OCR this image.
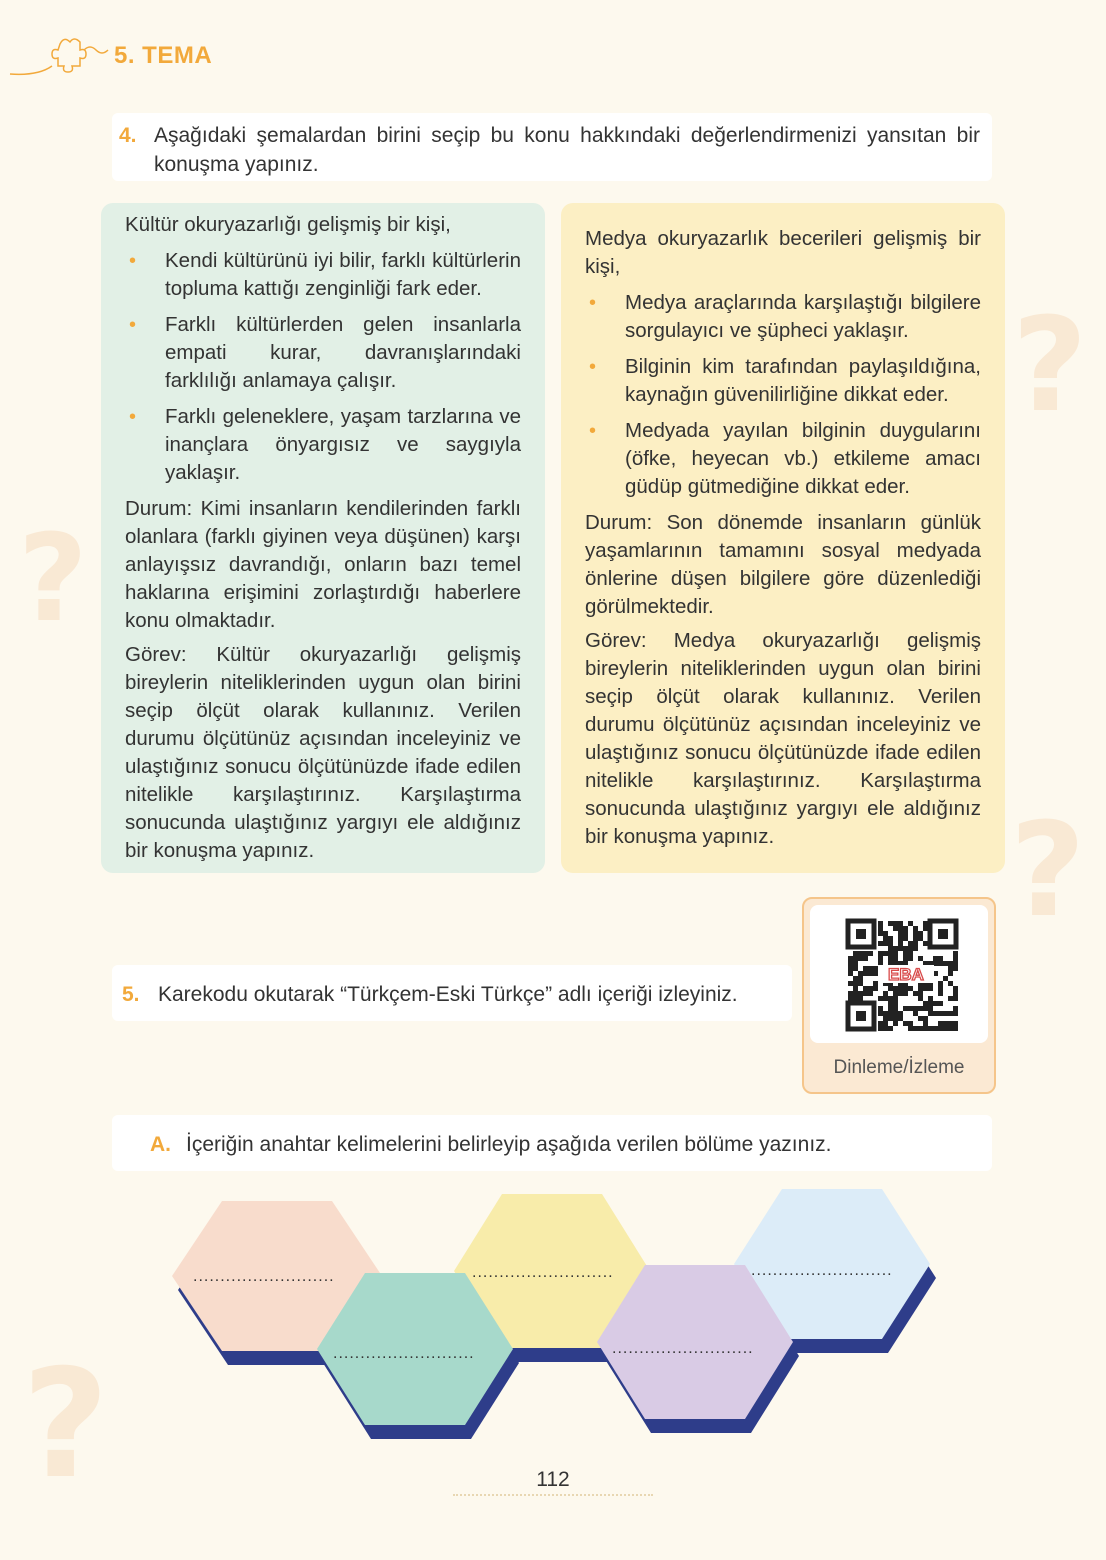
?
?
?
?
5. TEMA
4. Aşağıdaki şemalardan birini seçip bu konu hakkındaki değerlendirmenizi yansıtan bir konuşma yapınız.

Kültür okuryazarlığı gelişmiş bir kişi,

• Kendi kültürünü iyi bilir, farklı kültürlerin topluma kattığı zenginliği fark eder.
• Farklı kültürlerden gelen insanlarla empati kurar, davranışlarındaki farklılığı anlamaya çalışır.
• Farklı geleneklere, yaşam tarzlarına ve inançlara önyargısız ve saygıyla yaklaşır.

Durum: Kimi insanların kendilerinden farklı olanlara (farklı giyinen veya düşünen) karşı anlayışsız davrandığı, onların bazı temel haklarına erişimini zorlaştırdığı haberlere konu olmaktadır.

Görev: Kültür okuryazarlığı gelişmiş bireylerin niteliklerinden uygun olan birini seçip ölçüt olarak kullanınız. Verilen durumu ölçütünüz açısından inceleyiniz ve ulaştığınız sonucu ölçütünüzde ifade edilen nitelikle karşılaştırınız. Karşılaştırma sonucunda ulaştığınız yargıyı ele aldığınız bir konuşma yapınız.

Medya okuryazarlık becerileri gelişmiş bir kişi,

• Medya araçlarında karşılaştığı bilgilere sorgulayıcı ve şüpheci yaklaşır.
• Bilginin kim tarafından paylaşıldığına, kaynağın güvenilirliğine dikkat eder.
• Medyada yayılan bilginin duygularını (öfke, heyecan vb.) etkileme amacı güdüp gütmediğine dikkat eder.

Durum: Son dönemde insanların günlük yaşamlarının tamamını sosyal medyada önlerine düşen bilgilere göre düzenlediği görülmektedir.

Görev: Medya okuryazarlığı gelişmiş bireylerin niteliklerinden uygun olan birini seçip ölçüt olarak kullanınız. Verilen durumu ölçütünüz açısından inceleyiniz ve ulaştığınız sonucu ölçütünüzde ifade edilen nitelikle karşılaştırınız. Karşılaştırma sonucunda ulaştığınız yargıyı ele aldığınız bir konuşma yapınız.

EBA
Dinleme/İzleme
5. Karekodu okutarak “Türkçem-Eski Türkçe” adlı içeriği izleyiniz.
A. İçeriğin anahtar kelimelerini belirleyip aşağıda verilen bölüme yazınız.
..........................
..........................
..........................
..........................
..........................
112
